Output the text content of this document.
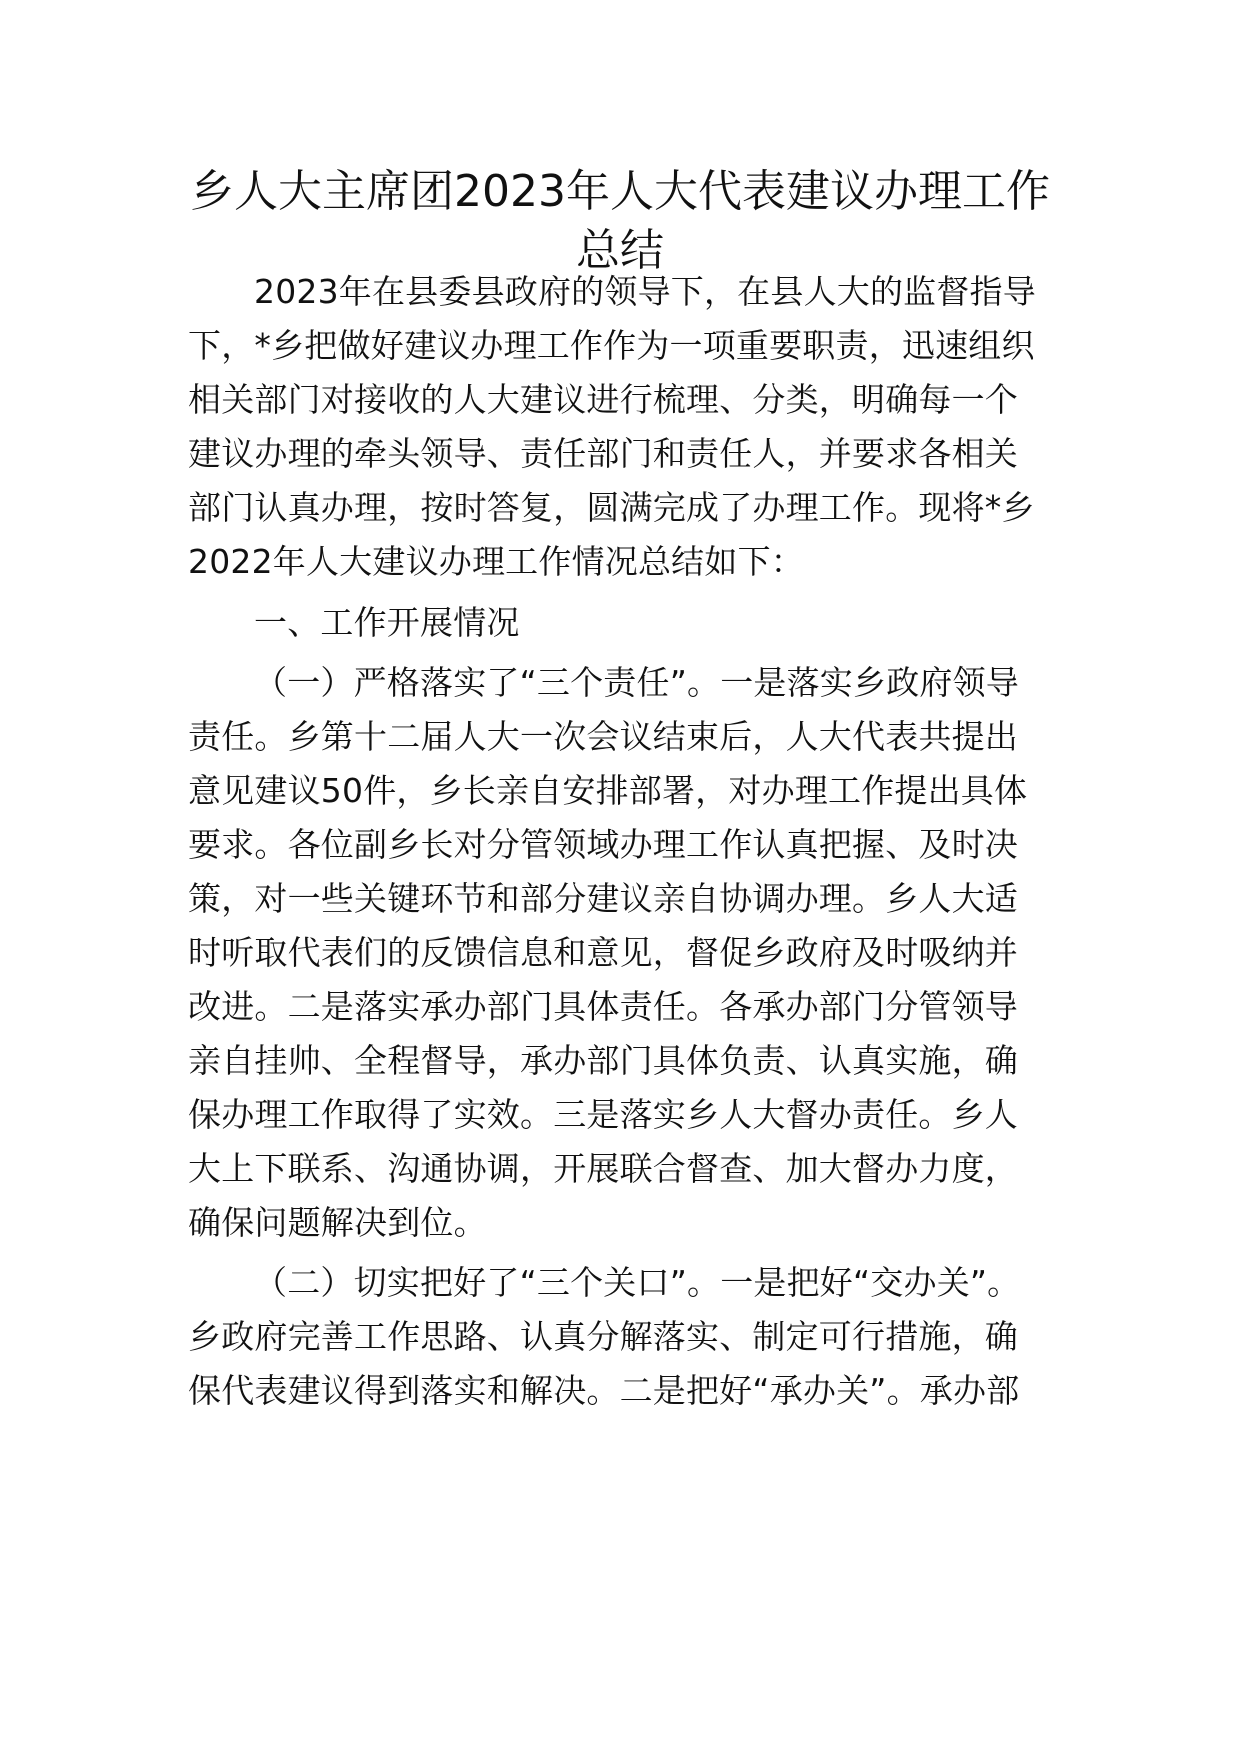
乡人大主席团2023年人大代表建议办理工作
总结

2023年在县委县政府的领导下，在县人大的监督指导

下，*乡把做好建议办理工作作为一项重要职责，迅速组织

相关部门对接收的人大建议进行梳理、分类，明确每一个

建议办理的牵头领导、责任部门和责任人，并要求各相关

部门认真办理，按时答复，圆满完成了办理工作。现将*乡

2022年人大建议办理工作情况总结如下：

一、工作开展情况

（一）严格落实了“三个责任”。一是落实乡政府领导

责任。乡第十二届人大一次会议结束后，人大代表共提出

意见建议50件，乡长亲自安排部署，对办理工作提出具体

要求。各位副乡长对分管领域办理工作认真把握、及时决

策，对一些关键环节和部分建议亲自协调办理。乡人大适

时听取代表们的反馈信息和意见，督促乡政府及时吸纳并

改进。二是落实承办部门具体责任。各承办部门分管领导

亲自挂帅、全程督导，承办部门具体负责、认真实施，确

保办理工作取得了实效。三是落实乡人大督办责任。乡人

大上下联系、沟通协调，开展联合督查、加大督办力度，

确保问题解决到位。

（二）切实把好了“三个关口”。一是把好“交办关”。

乡政府完善工作思路、认真分解落实、制定可行措施，确

保代表建议得到落实和解决。二是把好“承办关”。承办部
